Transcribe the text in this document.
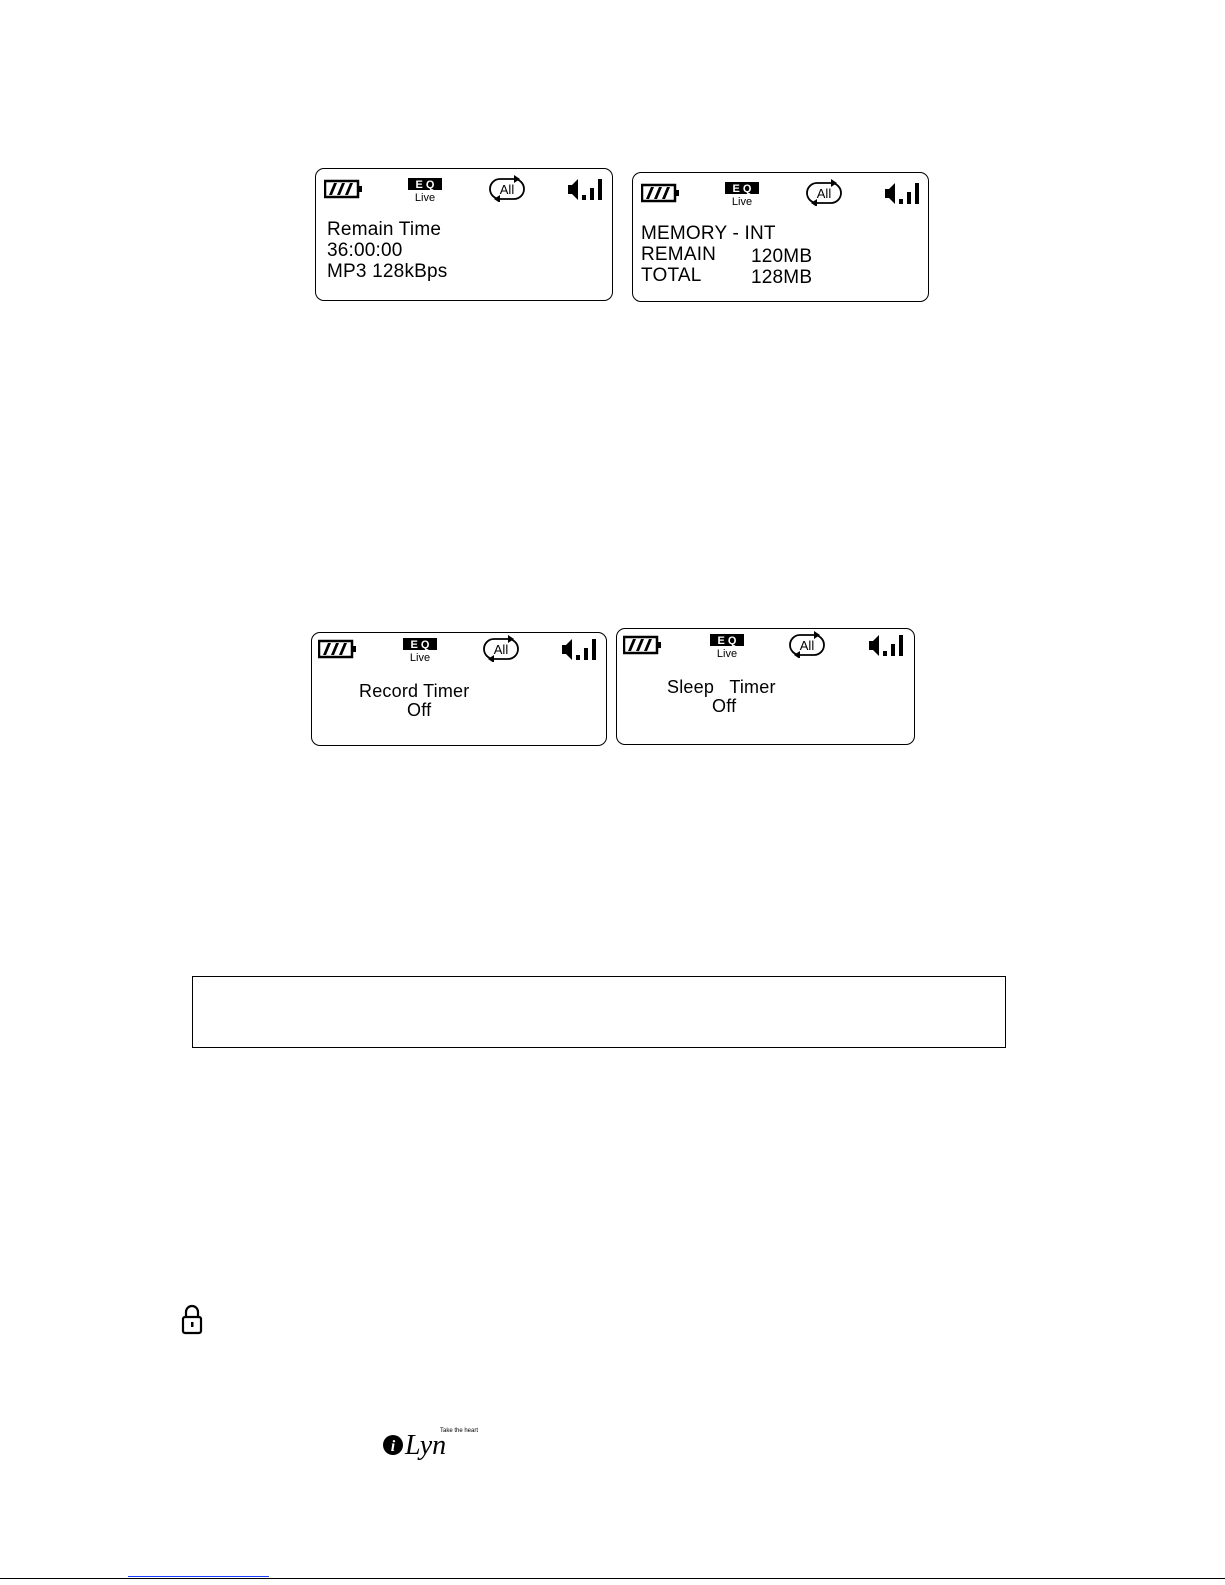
E Q
Live
All
Remain Time
36:00:00
MP3 128kBps
E Q
Live
All
MEMORY - INT
REMAIN 120MB
TOTAL	128MB
E Q
Live
All
Record Timer
Off
E Q
Live
All
Sleep   Timer
Off
i Lyn
Take the heart
